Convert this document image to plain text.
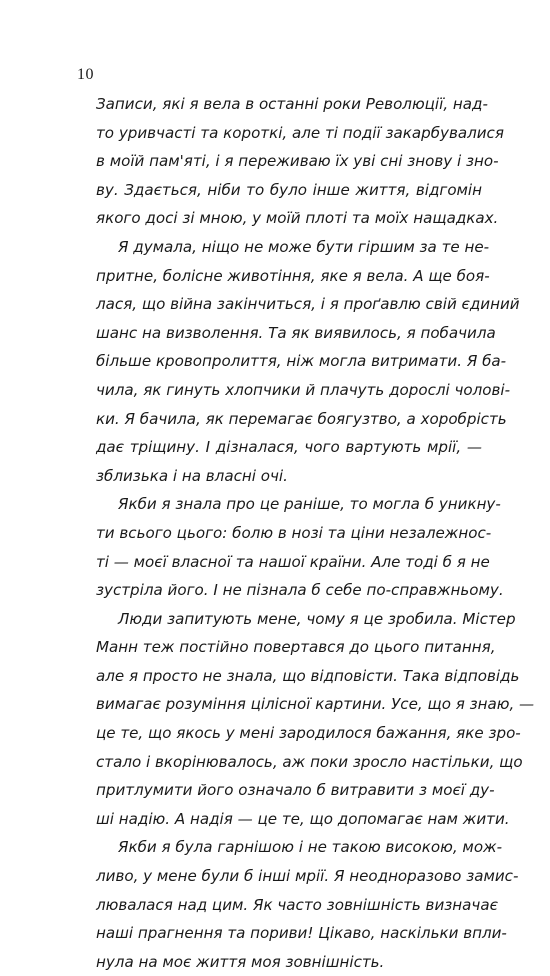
10
Записи, які я вела в останні роки Революції, над-
то уривчасті та короткі, але ті події закарбувалися
в моїй пам'яті, і я переживаю їх уві сні знову і зно-
ву. Здається, ніби то було інше життя, відгомін
якого досі зі мною, у моїй плоті та моїх нащадках.
Я думала, ніщо не може бути гіршим за те не-
притне, болісне животіння, яке я вела. А ще боя-
лася, що війна закінчиться, і я проґавлю свій єдиний
шанс на визволення. Та як виявилось, я побачила
більше кровопролиття, ніж могла витримати. Я ба-
чила, як гинуть хлопчики й плачуть дорослі чолові-
ки. Я бачила, як перемагає боягузтво, а хоробрість
дає тріщину. І дізналася, чого вартують мрії, —
зблизька і на власні очі.
Якби я знала про це раніше, то могла б уникну-
ти всього цього: болю в нозі та ціни незалежнос-
ті — моєї власної та нашої країни. Але тоді б я не
зустріла його. І не пізнала б себе по-справжньому.
Люди запитують мене, чому я це зробила. Містер
Манн теж постійно повертався до цього питання,
але я просто не знала, що відповісти. Така відповідь
вимагає розуміння цілісної картини. Усе, що я знаю, —
це те, що якось у мені зародилося бажання, яке зро-
стало і вкорінювалось, аж поки зросло настільки, що
притлумити його означало б витравити з моєї ду-
ші надію. А надія — це те, що допомагає нам жити.
Якби я була гарнішою і не такою високою, мож-
ливо, у мене були б інші мрії. Я неодноразово замис-
лювалася над цим. Як часто зовнішність визначає
наші прагнення та пориви! Цікаво, наскільки впли-
нула на моє життя моя зовнішність.
